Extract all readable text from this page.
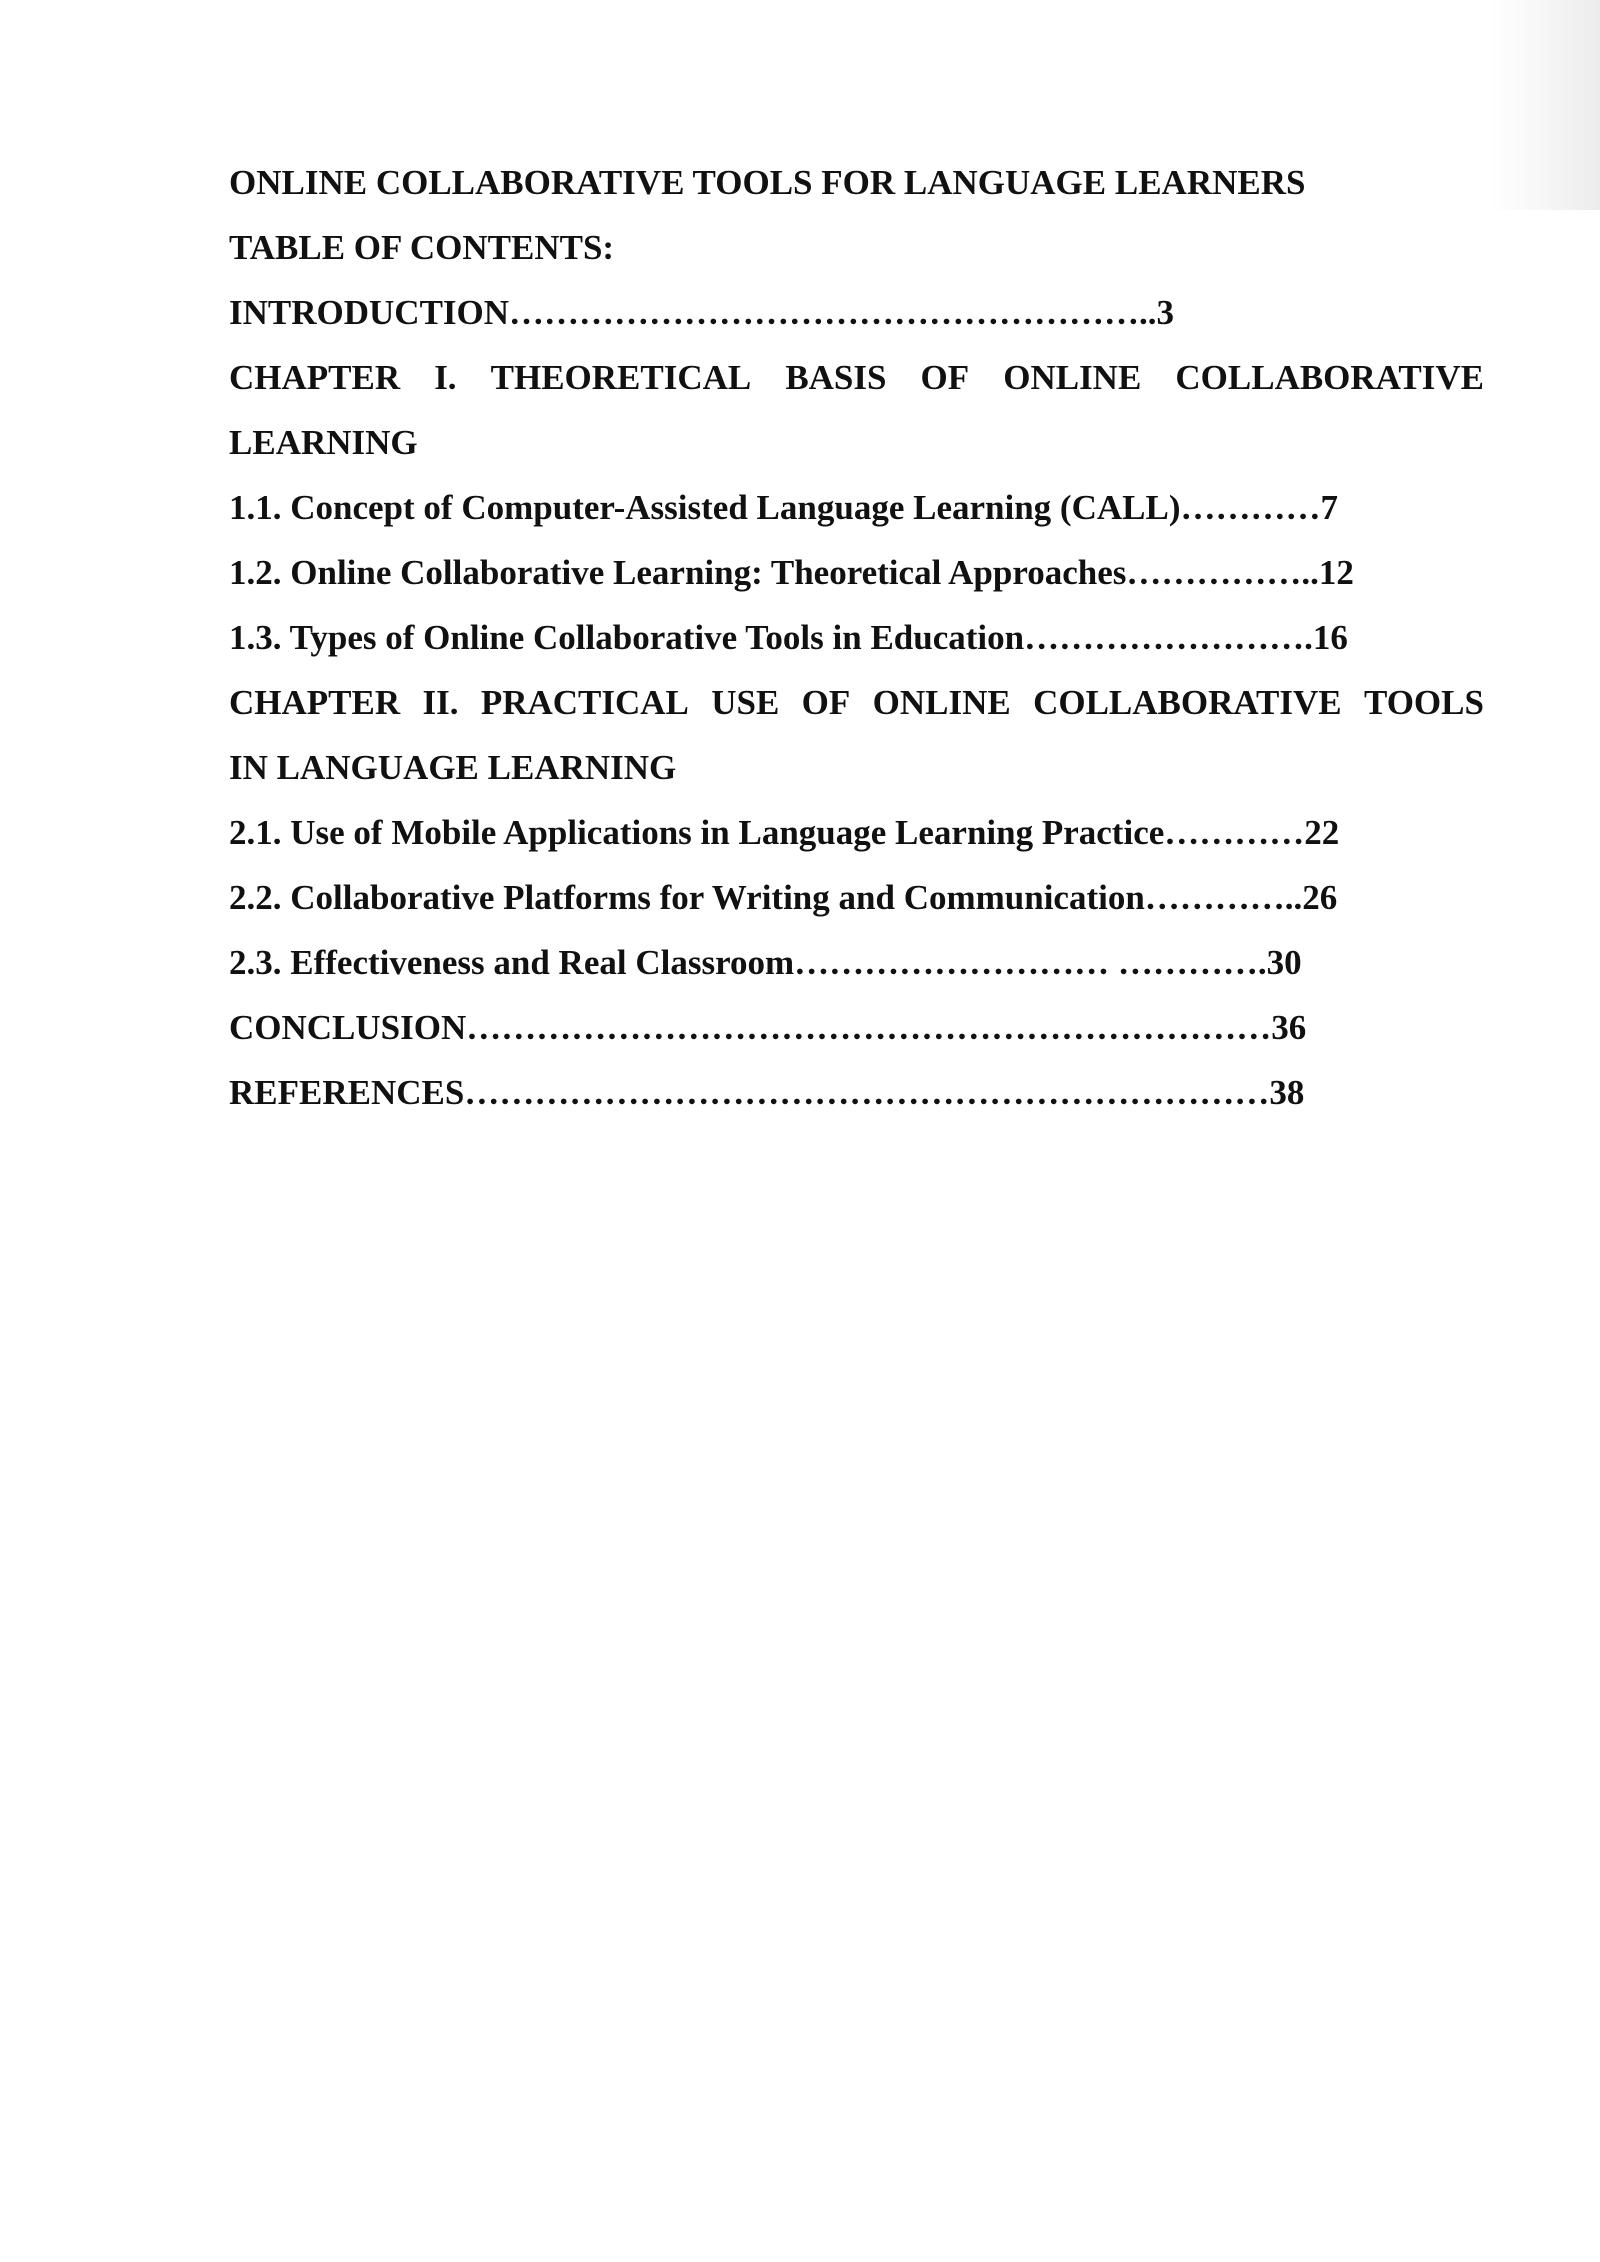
ONLINE COLLABORATIVE TOOLS FOR LANGUAGE LEARNERS
TABLE OF CONTENTS:
INTRODUCTION………………………………………………..3
CHAPTER I. THEORETICAL BASIS OF ONLINE COLLABORATIVE
LEARNING
1.1. Concept of Computer-Assisted Language Learning (CALL)…………7
1.2. Online Collaborative Learning: Theoretical Approaches……………..12
1.3. Types of Online Collaborative Tools in Education…………………….16
CHAPTER II. PRACTICAL USE OF ONLINE COLLABORATIVE TOOLS
IN LANGUAGE LEARNING
2.1. Use of Mobile Applications in Language Learning Practice…………22
2.2. Collaborative Platforms for Writing and Communication…………..26
2.3. Effectiveness and Real Classroom……………………… ………….30
CONCLUSION……………………………………………………………36
REFERENCES……………………………………………………………38
